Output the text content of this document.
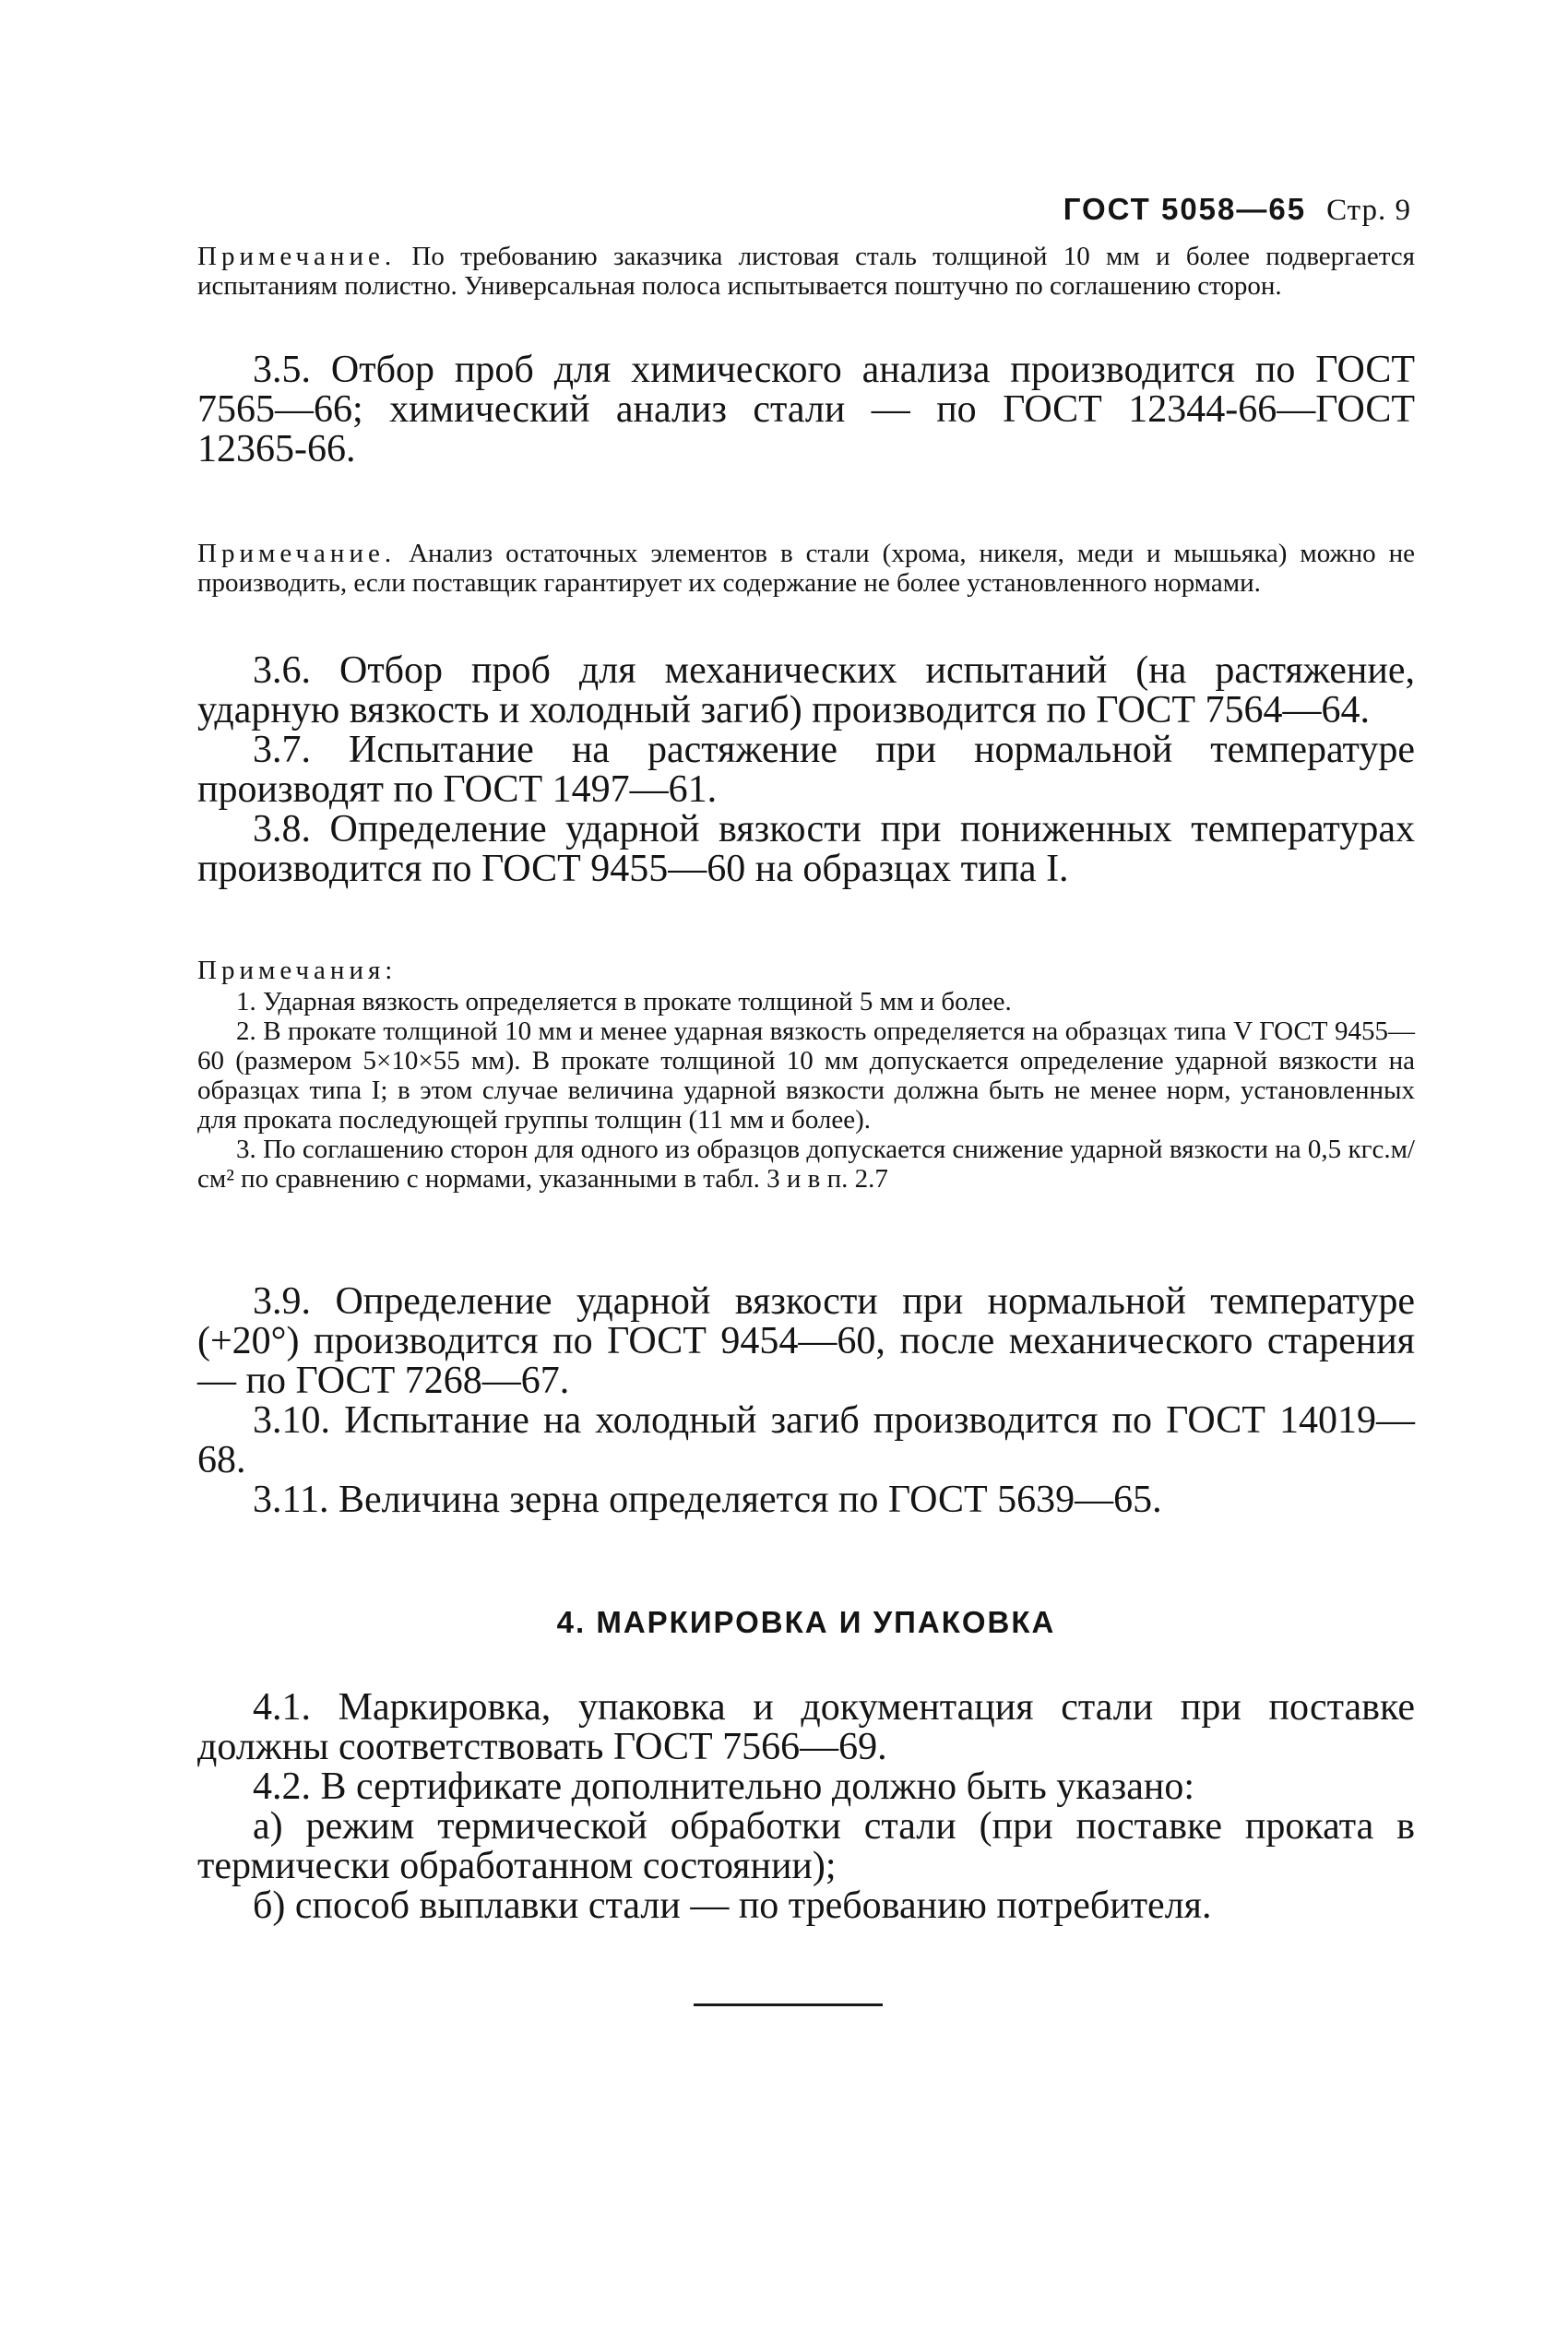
ГОСТ 5058—65 Стр. 9

Примечание. По требованию заказчика листовая сталь толщиной 10 мм и более подвергается испытаниям полистно. Универсальная полоса испытывается поштучно по соглашению сторон.

3.5. Отбор проб для химического анализа производится по ГОСТ 7565—66; химический анализ стали — по ГОСТ 12344-66—ГОСТ 12365-66.

Примечание. Анализ остаточных элементов в стали (хрома, никеля, меди и мышьяка) можно не производить, если поставщик гарантирует их содержание не более установленного нормами.

3.6. Отбор проб для механических испытаний (на растяжение, ударную вязкость и холодный загиб) производится по ГОСТ 7564—64.

3.7. Испытание на растяжение при нормальной температуре производят по ГОСТ 1497—61.

3.8. Определение ударной вязкости при пониженных температурах производится по ГОСТ 9455—60 на образцах типа I.

Примечания:

1. Ударная вязкость определяется в прокате толщиной 5 мм и более.

2. В прокате толщиной 10 мм и менее ударная вязкость определяется на образцах типа V ГОСТ 9455—60 (размером 5×10×55 мм). В прокате толщиной 10 мм допускается определение ударной вязкости на образцах типа I; в этом случае величина ударной вязкости должна быть не менее норм, установленных для проката последующей группы толщин (11 мм и более).

3. По соглашению сторон для одного из образцов допускается снижение ударной вязкости на 0,5 кгс.м/см² по сравнению с нормами, указанными в табл. 3 и в п. 2.7

3.9. Определение ударной вязкости при нормальной температуре (+20°) производится по ГОСТ 9454—60, после механического старения — по ГОСТ 7268—67.

3.10. Испытание на холодный загиб производится по ГОСТ 14019—68.

3.11. Величина зерна определяется по ГОСТ 5639—65.

4. МАРКИРОВКА И УПАКОВКА

4.1. Маркировка, упаковка и документация стали при поставке должны соответствовать ГОСТ 7566—69.

4.2. В сертификате дополнительно должно быть указано:

а) режим термической обработки стали (при поставке проката в термически обработанном состоянии);

б) способ выплавки стали — по требованию потребителя.
